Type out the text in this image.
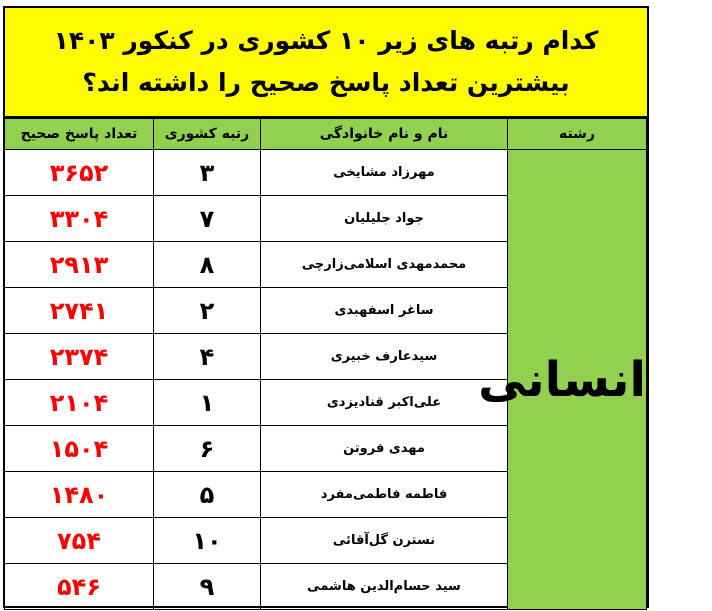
کدام رتبه های زیر ۱۰ کشوری در کنکور ۱۴۰۳
بیشترین تعداد پاسخ صحیح را داشته اند؟
رشته	نام و نام خانوادگی	رتبه کشوری	تعداد پاسخ صحیح
انسانی	مهرزاد مشایخی	۳	۳۶۵۲
	جواد جلیلیان	۷	۳۳۰۴
	محمدمهدی اسلامی‌زارچی	۸	۲۹۱۳
	ساغر اسفهبدی	۲	۲۷۴۱
	سیدعارف خبیری	۴	۲۳۷۴
	علی‌اکبر قنادیزدی	۱	۲۱۰۴
	مهدی فروتن	۶	۱۵۰۴
	فاطمه فاطمی‌مفرد	۵	۱۴۸۰
	نسترن گل‌آقائی	۱۰	۷۵۴
	سید حسام‌الدین هاشمی	۹	۵۴۶
